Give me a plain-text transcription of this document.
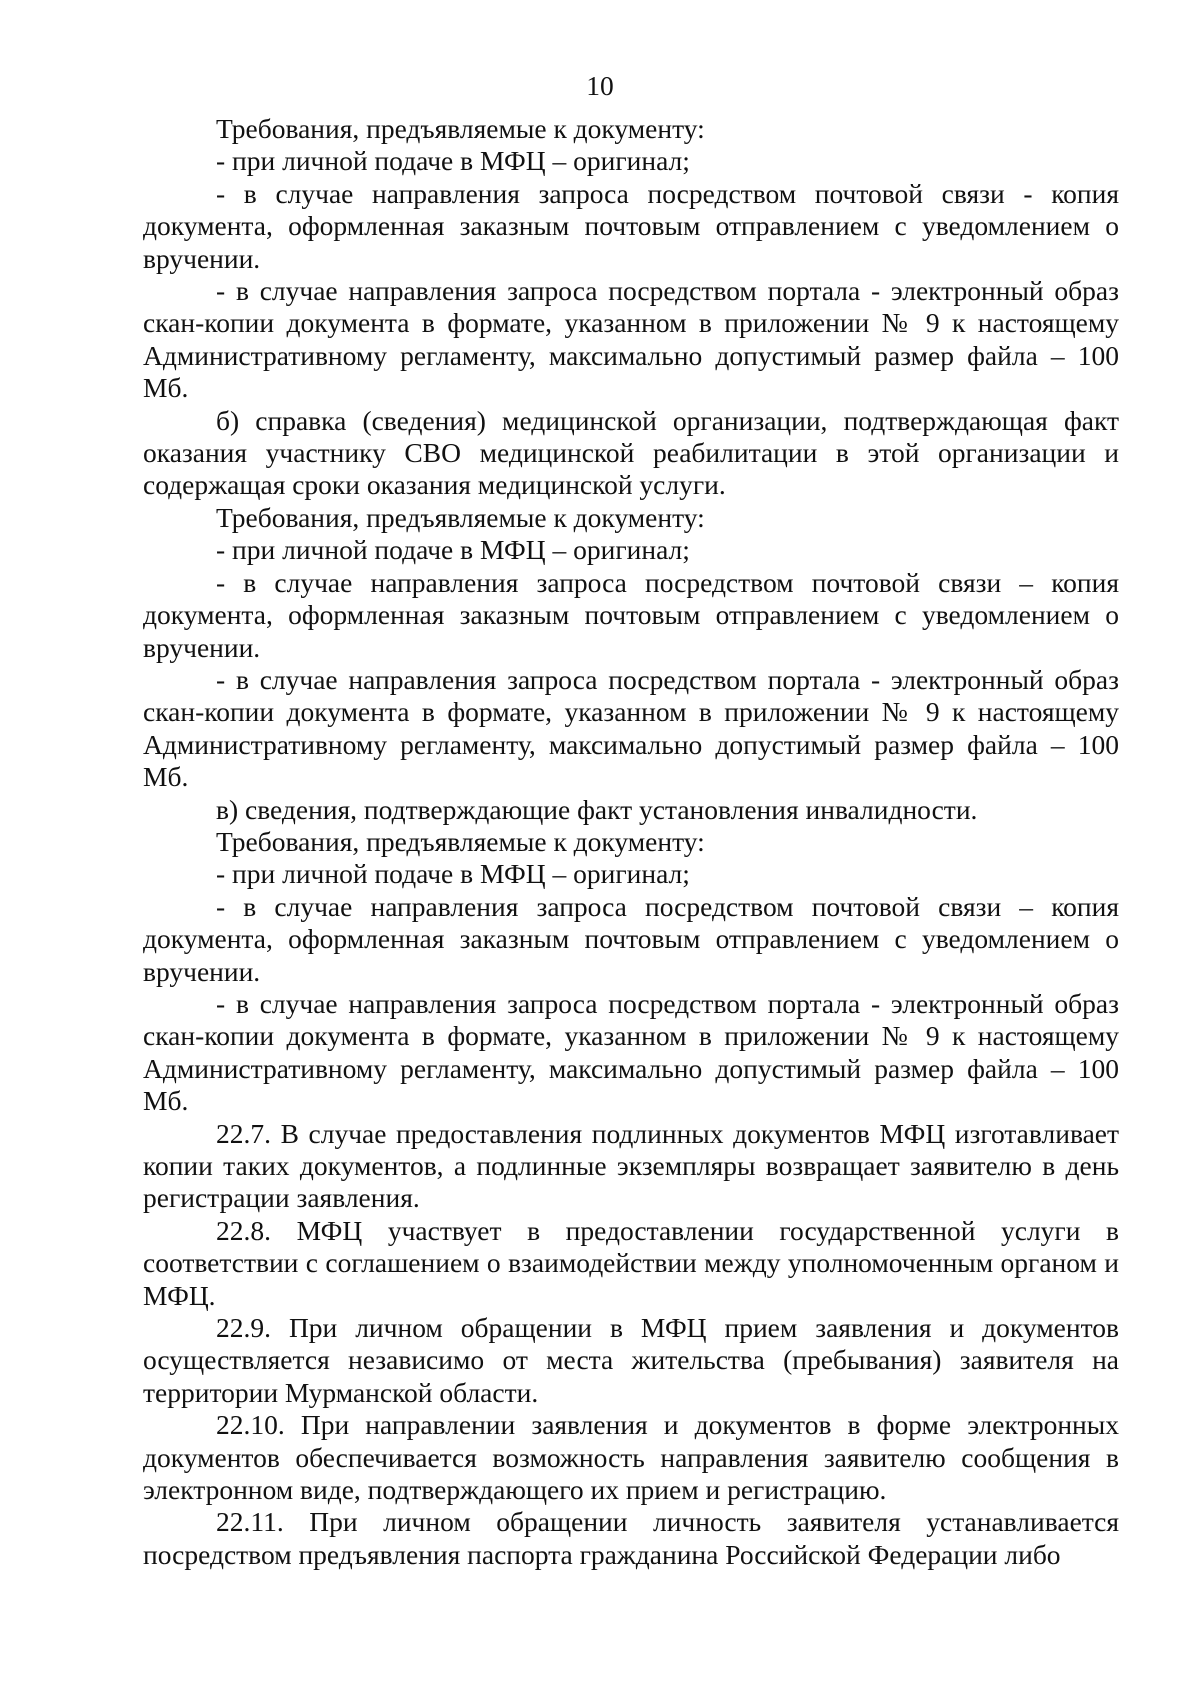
10

Требования, предъявляемые к документу:

- при личной подаче в МФЦ – оригинал;

- в случае направления запроса посредством почтовой связи - копия документа, оформленная заказным почтовым отправлением с уведомлением о вручении.

- в случае направления запроса посредством портала - электронный образ скан-копии документа в формате, указанном в приложении № 9 к настоящему Административному регламенту, максимально допустимый размер файла – 100 Мб.

б) справка (сведения) медицинской организации, подтверждающая факт оказания участнику СВО медицинской реабилитации в этой организации и содержащая сроки оказания медицинской услуги.

Требования, предъявляемые к документу:

- при личной подаче в МФЦ – оригинал;

- в случае направления запроса посредством почтовой связи – копия документа, оформленная заказным почтовым отправлением с уведомлением о вручении.

- в случае направления запроса посредством портала - электронный образ скан-копии документа в формате, указанном в приложении № 9 к настоящему Административному регламенту, максимально допустимый размер файла – 100 Мб.

в) сведения, подтверждающие факт установления инвалидности.

Требования, предъявляемые к документу:

- при личной подаче в МФЦ – оригинал;

- в случае направления запроса посредством почтовой связи – копия документа, оформленная заказным почтовым отправлением с уведомлением о вручении.

- в случае направления запроса посредством портала - электронный образ скан-копии документа в формате, указанном в приложении № 9 к настоящему Административному регламенту, максимально допустимый размер файла – 100 Мб.

22.7. В случае предоставления подлинных документов МФЦ изготавливает копии таких документов, а подлинные экземпляры возвращает заявителю в день регистрации заявления.

22.8. МФЦ участвует в предоставлении государственной услуги в соответствии с соглашением о взаимодействии между уполномоченным органом и МФЦ.

22.9. При личном обращении в МФЦ прием заявления и документов осуществляется независимо от места жительства (пребывания) заявителя на территории Мурманской области.

22.10. При направлении заявления и документов в форме электронных документов обеспечивается возможность направления заявителю сообщения в электронном виде, подтверждающего их прием и регистрацию.

22.11. При личном обращении личность заявителя устанавливается посредством предъявления паспорта гражданина Российской Федерации либо
